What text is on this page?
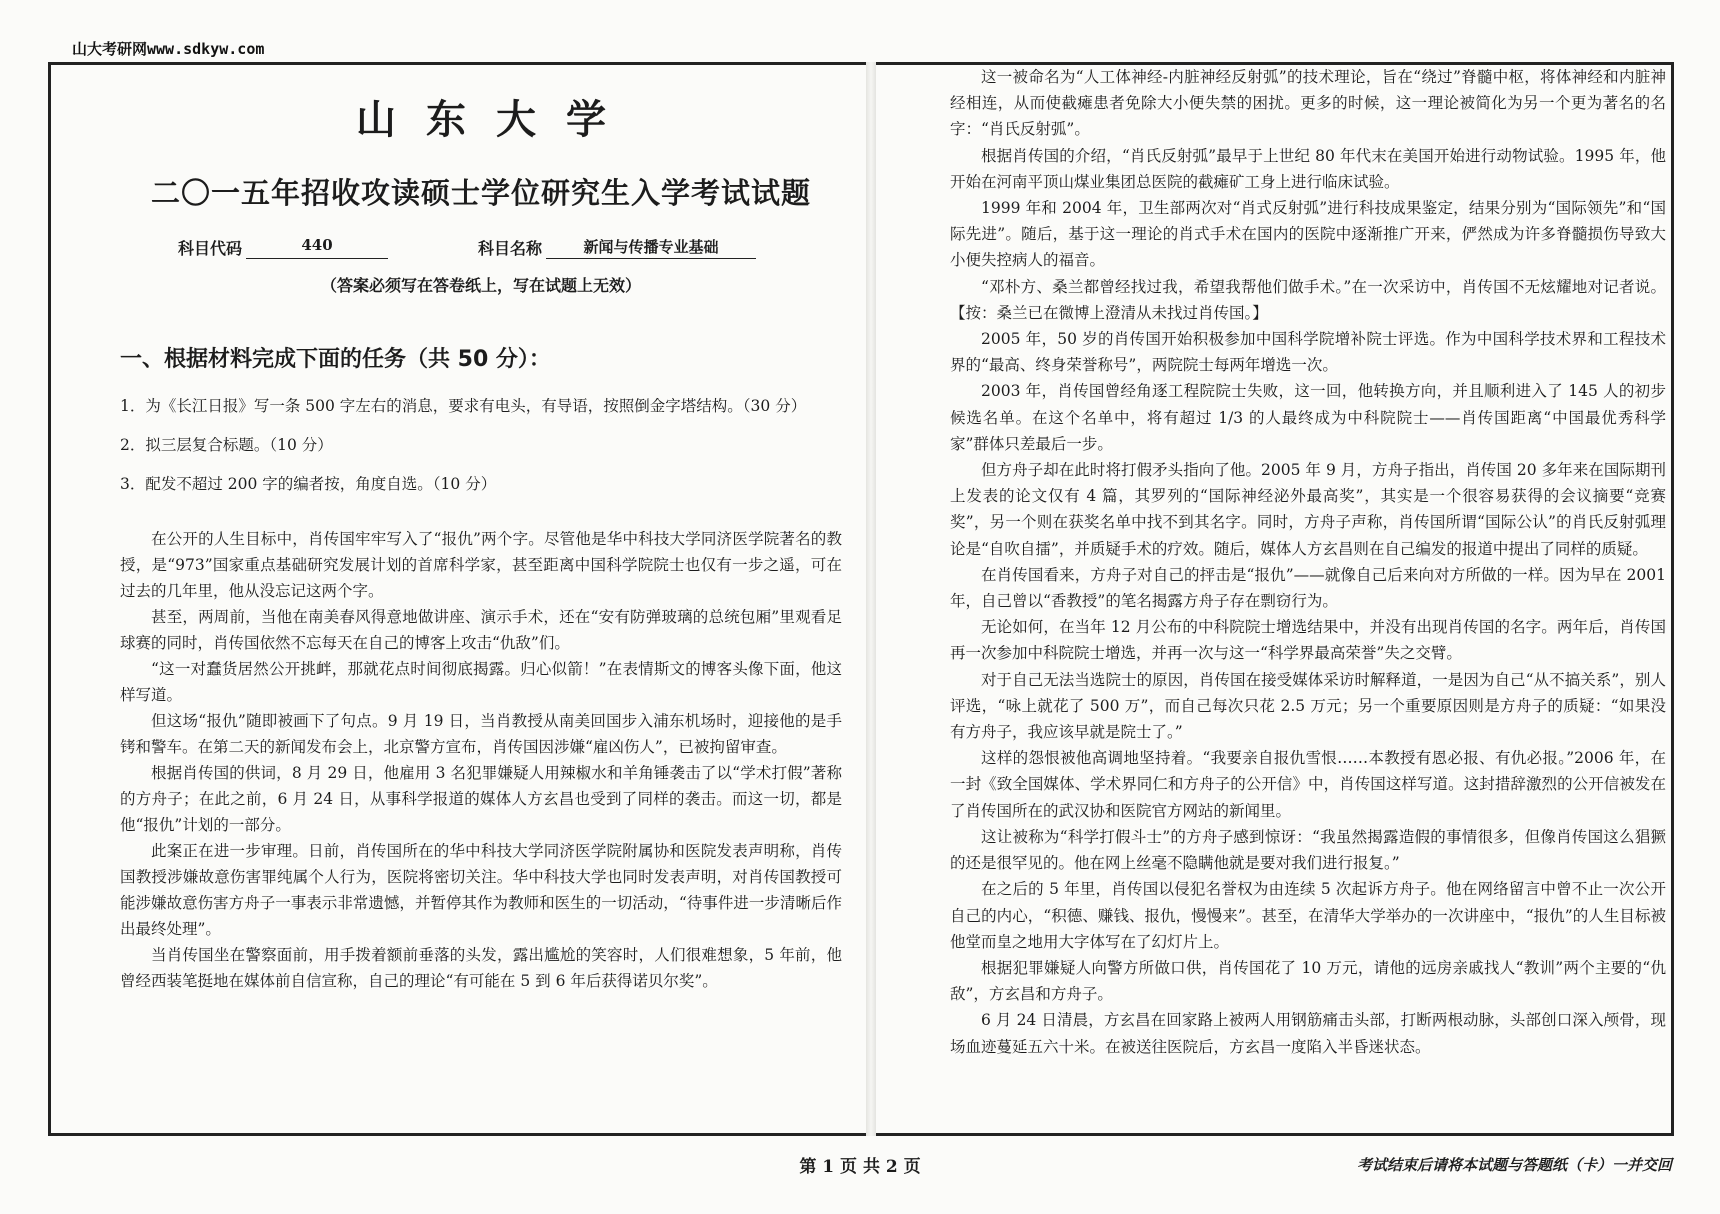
山大考研网www.sdkyw.com
山东大学
二〇一五年招收攻读硕士学位研究生入学考试试题
科目代码	440	科目名称	新闻与传播专业基础
（答案必须写在答卷纸上，写在试题上无效）
一、根据材料完成下面的任务（共 50 分）：

1．为《长江日报》写一条 500 字左右的消息，要求有电头，有导语，按照倒金字塔结构。（30 分）

2．拟三层复合标题。（10 分）

3．配发不超过 200 字的编者按，角度自选。（10 分）

在公开的人生目标中，肖传国牢牢写入了“报仇”两个字。尽管他是华中科技大学同济医学院著名的教授，是“973”国家重点基础研究发展计划的首席科学家，甚至距离中国科学院院士也仅有一步之遥，可在过去的几年里，他从没忘记这两个字。

甚至，两周前，当他在南美春风得意地做讲座、演示手术，还在“安有防弹玻璃的总统包厢”里观看足球赛的同时，肖传国依然不忘每天在自己的博客上攻击“仇敌”们。

“这一对蠢货居然公开挑衅，那就花点时间彻底揭露。归心似箭！”在表情斯文的博客头像下面，他这样写道。

但这场“报仇”随即被画下了句点。9 月 19 日，当肖教授从南美回国步入浦东机场时，迎接他的是手铐和警车。在第二天的新闻发布会上，北京警方宣布，肖传国因涉嫌“雇凶伤人”，已被拘留审查。

根据肖传国的供词，8 月 29 日，他雇用 3 名犯罪嫌疑人用辣椒水和羊角锤袭击了以“学术打假”著称的方舟子；在此之前，6 月 24 日，从事科学报道的媒体人方玄昌也受到了同样的袭击。而这一切，都是他“报仇”计划的一部分。

此案正在进一步审理。日前，肖传国所在的华中科技大学同济医学院附属协和医院发表声明称，肖传国教授涉嫌故意伤害罪纯属个人行为，医院将密切关注。华中科技大学也同时发表声明，对肖传国教授可能涉嫌故意伤害方舟子一事表示非常遗憾，并暂停其作为教师和医生的一切活动，“待事件进一步清晰后作出最终处理”。

当肖传国坐在警察面前，用手拨着额前垂落的头发，露出尴尬的笑容时，人们很难想象，5 年前，他曾经西装笔挺地在媒体前自信宣称，自己的理论“有可能在 5 到 6 年后获得诺贝尔奖”。

这一被命名为“人工体神经-内脏神经反射弧”的技术理论，旨在“绕过”脊髓中枢，将体神经和内脏神经相连，从而使截瘫患者免除大小便失禁的困扰。更多的时候，这一理论被简化为另一个更为著名的名字：“肖氏反射弧”。

根据肖传国的介绍，“肖氏反射弧”最早于上世纪 80 年代末在美国开始进行动物试验。1995 年，他开始在河南平顶山煤业集团总医院的截瘫矿工身上进行临床试验。

1999 年和 2004 年，卫生部两次对“肖式反射弧”进行科技成果鉴定，结果分别为“国际领先”和“国际先进”。随后，基于这一理论的肖式手术在国内的医院中逐渐推广开来，俨然成为许多脊髓损伤导致大小便失控病人的福音。

“邓朴方、桑兰都曾经找过我，希望我帮他们做手术。”在一次采访中，肖传国不无炫耀地对记者说。【按：桑兰已在微博上澄清从未找过肖传国。】

2005 年，50 岁的肖传国开始积极参加中国科学院增补院士评选。作为中国科学技术界和工程技术界的“最高、终身荣誉称号”，两院院士每两年增选一次。

2003 年，肖传国曾经角逐工程院院士失败，这一回，他转换方向，并且顺利进入了 145 人的初步候选名单。在这个名单中，将有超过 1/3 的人最终成为中科院院士——肖传国距离“中国最优秀科学家”群体只差最后一步。

但方舟子却在此时将打假矛头指向了他。2005 年 9 月，方舟子指出，肖传国 20 多年来在国际期刊上发表的论文仅有 4 篇，其罗列的“国际神经泌外最高奖”，其实是一个很容易获得的会议摘要“竞赛奖”，另一个则在获奖名单中找不到其名字。同时，方舟子声称，肖传国所谓“国际公认”的肖氏反射弧理论是“自吹自擂”，并质疑手术的疗效。随后，媒体人方玄昌则在自己编发的报道中提出了同样的质疑。

在肖传国看来，方舟子对自己的抨击是“报仇”——就像自己后来向对方所做的一样。因为早在 2001 年，自己曾以“香教授”的笔名揭露方舟子存在剽窃行为。

无论如何，在当年 12 月公布的中科院院士增选结果中，并没有出现肖传国的名字。两年后，肖传国再一次参加中科院院士增选，并再一次与这一“科学界最高荣誉”失之交臂。

对于自己无法当选院士的原因，肖传国在接受媒体采访时解释道，一是因为自己“从不搞关系”，别人评选，“咏上就花了 500 万”，而自己每次只花 2.5 万元；另一个重要原因则是方舟子的质疑：“如果没有方舟子，我应该早就是院士了。”

这样的怨恨被他高调地坚持着。“我要亲自报仇雪恨……本教授有恩必报、有仇必报。”2006 年，在一封《致全国媒体、学术界同仁和方舟子的公开信》中，肖传国这样写道。这封措辞激烈的公开信被发在了肖传国所在的武汉协和医院官方网站的新闻里。

这让被称为“科学打假斗士”的方舟子感到惊讶：“我虽然揭露造假的事情很多，但像肖传国这么猖獗的还是很罕见的。他在网上丝毫不隐瞒他就是要对我们进行报复。”

在之后的 5 年里，肖传国以侵犯名誉权为由连续 5 次起诉方舟子。他在网络留言中曾不止一次公开自己的内心，“积德、赚钱、报仇，慢慢来”。甚至，在清华大学举办的一次讲座中，“报仇”的人生目标被他堂而皇之地用大字体写在了幻灯片上。

根据犯罪嫌疑人向警方所做口供，肖传国花了 10 万元，请他的远房亲戚找人“教训”两个主要的“仇敌”，方玄昌和方舟子。

6 月 24 日清晨，方玄昌在回家路上被两人用钢筋痛击头部，打断两根动脉，头部创口深入颅骨，现场血迹蔓延五六十米。在被送往医院后，方玄昌一度陷入半昏迷状态。

第 1 页 共 2 页	考试结束后请将本试题与答题纸（卡）一并交回
